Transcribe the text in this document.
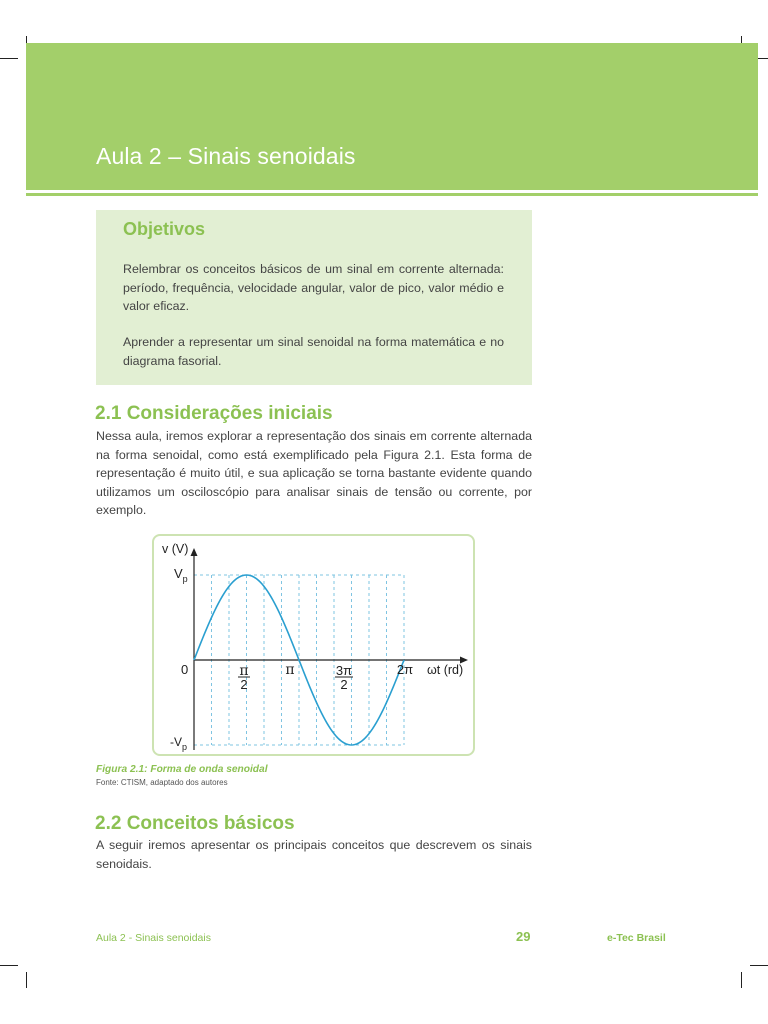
Aula 2 – Sinais senoidais
Objetivos

Relembrar os conceitos básicos de um sinal em corrente alternada: período, frequência, velocidade angular, valor de pico, valor médio e valor eficaz.

Aprender a representar um sinal senoidal na forma matemática e no diagrama fasorial.

2.1 Considerações iniciais

Nessa aula, iremos explorar a representação dos sinais em corrente alternada na forma senoidal, como está exemplificado pela Figura 2.1. Esta forma de representação é muito útil, e sua aplicação se torna bastante evidente quando utilizamos um osciloscópio para analisar sinais de tensão ou corrente, por exemplo.

v (V)
$V_p$
$-V_p$
0	π
2
π	3π
2
2π ωt (rd)

Figura 2.1: Forma de onda senoidal

Fonte: CTISM, adaptado dos autores

2.2 Conceitos básicos

A seguir iremos apresentar os principais conceitos que descrevem os sinais senoidais.

Aula 2 - Sinais senoidais	29	e-Tec Brasil
